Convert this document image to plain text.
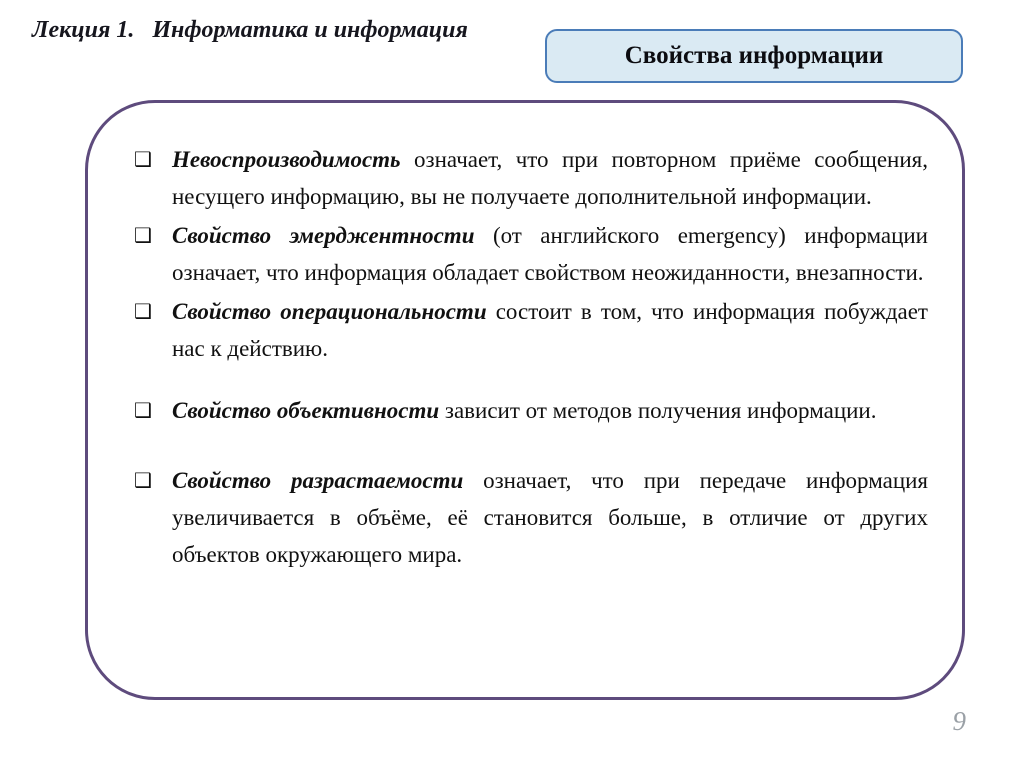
Лекция 1.   Информатика и информация
Свойства информации
❑ Невоспроизводимость означает, что при повторном приёме сообщения, несущего информацию, вы не получаете дополнительной информации.
❑ Свойство эмерджентности (от английского emergency) информации означает, что информация обладает свойством неожиданности, внезапности.
❑ Свойство операциональности состоит в том, что информация побуждает нас к действию.
❑ Свойство объективности зависит от методов получения информации.
❑ Свойство разрастаемости означает, что при передаче информация увеличивается в объёме, её становится больше, в отличие от других объектов окружающего мира.
9
